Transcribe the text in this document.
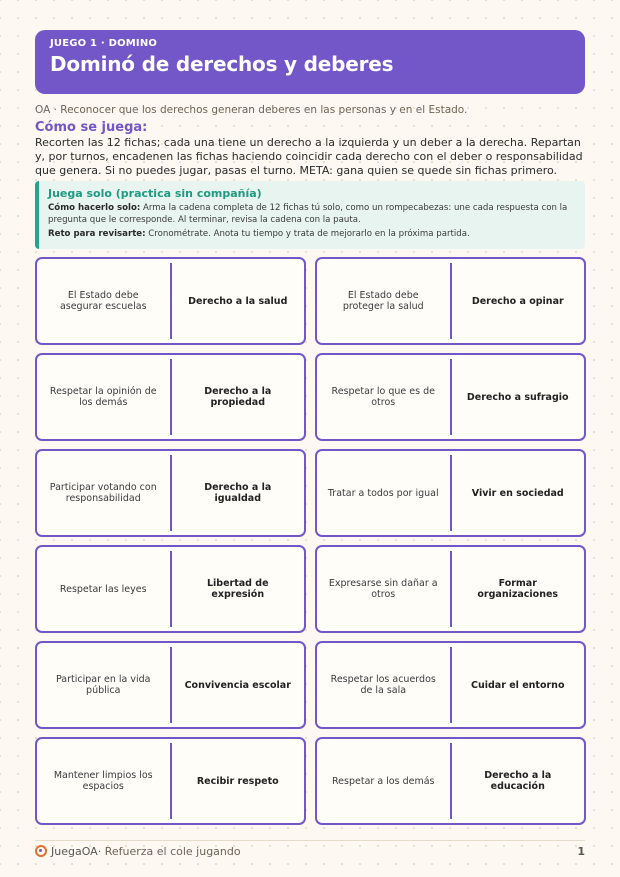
JUEGO 1 · DOMINO
Dominó de derechos y deberes
OA · Reconocer que los derechos generan deberes en las personas y en el Estado.
Cómo se juega:
Recorten las 12 fichas; cada una tiene un derecho a la izquierda y un deber a la derecha. Repartan y, por turnos, encadenen las fichas haciendo coincidir cada derecho con el deber o responsabilidad que genera. Si no puedes jugar, pasas el turno. META: gana quien se quede sin fichas primero.
Juega solo (practica sin compañía)
Cómo hacerlo solo: Arma la cadena completa de 12 fichas tú solo, como un rompecabezas: une cada respuesta con la pregunta que le corresponde. Al terminar, revisa la cadena con la pauta.
Reto para revisarte: Cronométrate. Anota tu tiempo y trata de mejorarlo en la próxima partida.
El Estado debe asegurar escuelas	Derecho a la salud	El Estado debe proteger la salud	Derecho a opinar
Respetar la opinión de los demás
Derecho a la propiedad
Respetar lo que es de otros	Derecho a sufragio
Participar votando con responsabilidad
Derecho a la igualdad	Tratar a todos por igual	Vivir en sociedad
Respetar las leyes	Libertad de expresión
Expresarse sin dañar a otros
Formar organizaciones
Participar en la vida pública	Convivencia escolar	Respetar los acuerdos de la sala	Cuidar el entorno
Mantener limpios los espacios	Recibir respeto	Respetar a los demás	Derecho a la educación
JuegaOA · Refuerza el cole jugando	1
